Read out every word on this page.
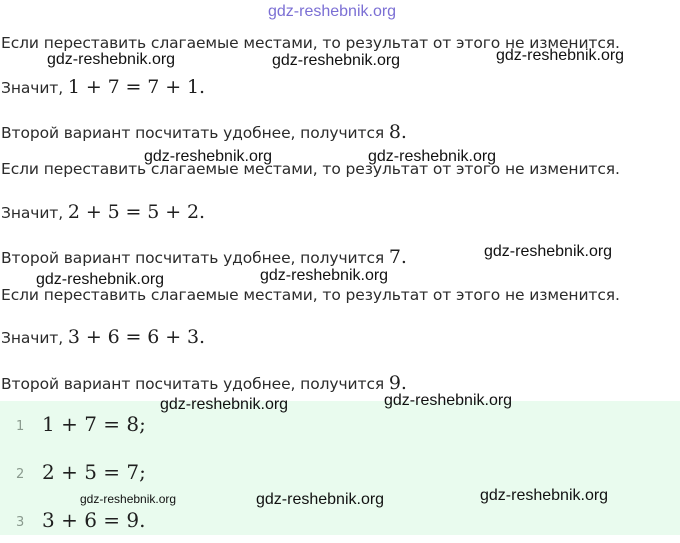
Если переставить слагаемые местами, то результат от этого не изменится.
Значит, 1 + 7 = 7 + 1.
Второй вариант посчитать удобнее, получится 8.
Если переставить слагаемые местами, то результат от этого не изменится.
Значит, 2 + 5 = 5 + 2.
Второй вариант посчитать удобнее, получится 7.
Если переставить слагаемые местами, то результат от этого не изменится.
Значит, 3 + 6 = 6 + 3.
Второй вариант посчитать удобнее, получится 9.
1 1 + 7 = 8;
2 2 + 5 = 7;
3 3 + 6 = 9.
gdz-reshebnik.org
gdz-reshebnik.org	gdz-reshebnik.org	gdz-reshebnik.org
gdz-reshebnik.org	gdz-reshebnik.org
gdz-reshebnik.org
gdz-reshebnik.org	gdz-reshebnik.org
gdz-reshebnik.org	gdz-reshebnik.org
gdz-reshebnik.org	gdz-reshebnik.org	gdz-reshebnik.org
